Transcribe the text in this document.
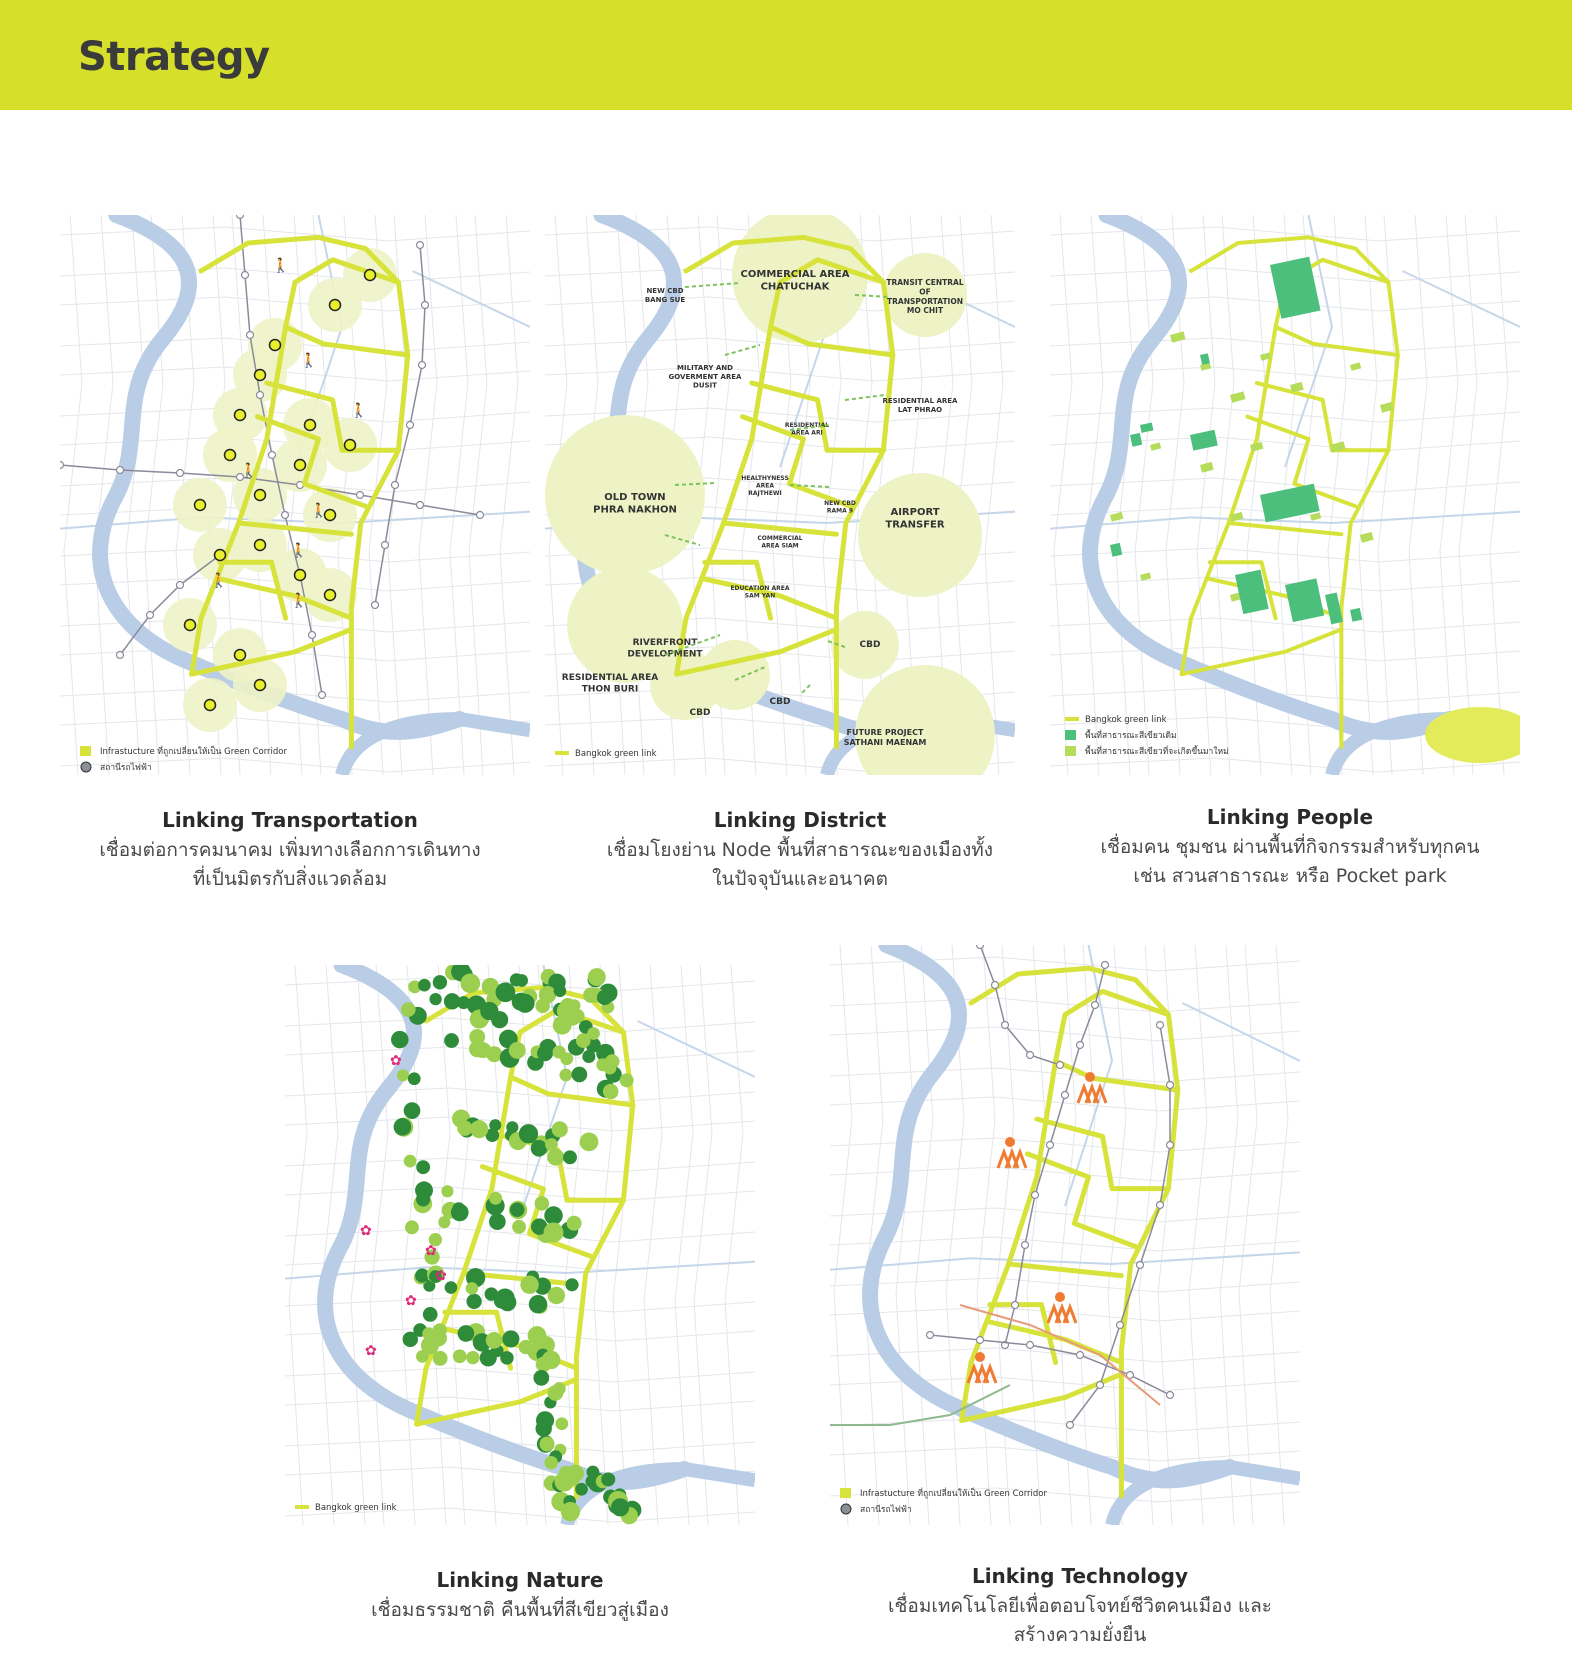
Strategy
🚶
🚶
🚶
🚶
🚶
🚶
🚶
🚶
Infrastucture ที่ถูกเปลี่ยนให้เป็น Green Corridor
สถานีรถไฟฟ้า
Linking Transportation
เชื่อมต่อการคมนาคม เพิ่มทางเลือกการเดินทาง
ที่เป็นมิตรกับสิ่งแวดล้อม
COMMERCIAL AREA CHATUCHAK
NEW CBD BANG SUE
TRANSIT CENTRAL OF TRANSPORTATION MO CHIT
MILITARY AND GOVERMENT AREA DUSIT
RESIDENTIAL AREA LAT PHRAO
RESIDENTIAL AREA ARI
OLD TOWN PHRA NAKHON
HEALTHYNESS AREA RAJTHEWI
NEW CBD RAMA 9	AIRPORT TRANSFER
COMMERCIAL AREA SIAM
EDUCATION AREA SAM YAN
RIVERFRONT DEVELOPMENT
RESIDENTIAL AREA THON BURI
CBD
CBD
CBD
FUTURE PROJECT SATHANI MAENAM
Bangkok green link
Linking District
เชื่อมโยงย่าน Node พื้นที่สาธารณะของเมืองทั้ง
ในปัจจุบันและอนาคต
Bangkok green link
พื้นที่สาธารณะสีเขียวเดิม
พื้นที่สาธารณะสีเขียวที่จะเกิดขึ้นมาใหม่
Linking People
เชื่อมคน ชุมชน ผ่านพื้นที่กิจกรรมสำหรับทุกคน
เช่น สวนสาธารณะ หรือ Pocket park
✿
✿
✿
✿
✿
✿
Bangkok green link
Linking Nature
เชื่อมธรรมชาติ คืนพื้นที่สีเขียวสู่เมือง
Infrastucture ที่ถูกเปลี่ยนให้เป็น Green Corridor
สถานีรถไฟฟ้า
Linking Technology
เชื่อมเทคโนโลยีเพื่อตอบโจทย์ชีวิตคนเมือง และ
สร้างความยั่งยืน
